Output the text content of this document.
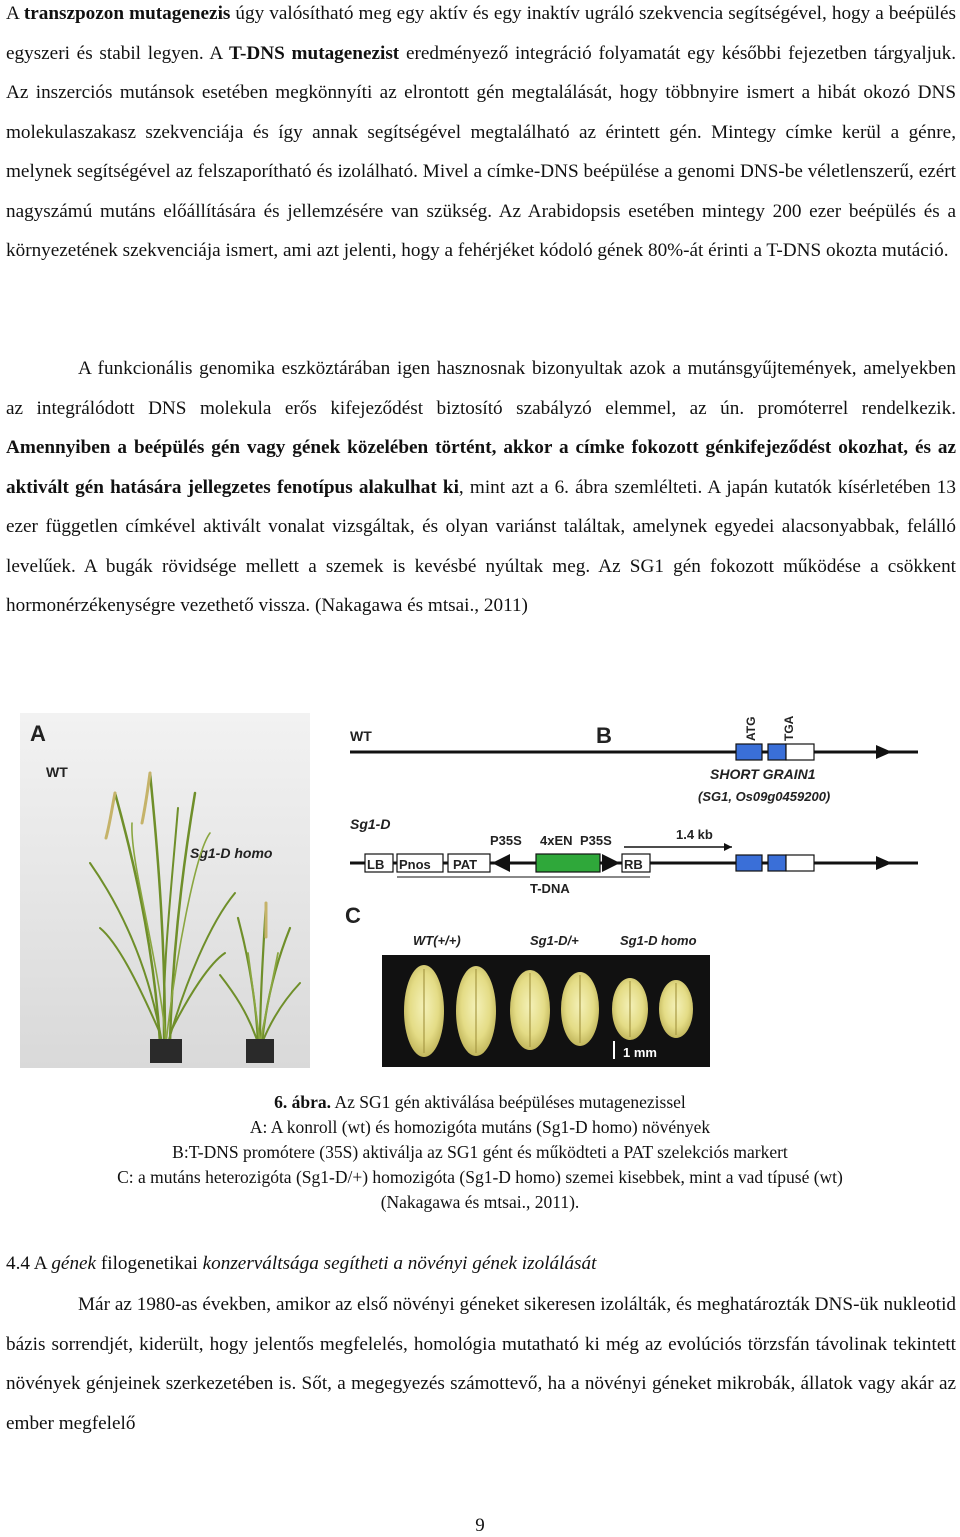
A transzpozon mutagenezis úgy valósítható meg egy aktív és egy inaktív ugráló szekvencia segítségével, hogy a beépülés egyszeri és stabil legyen. A T-DNS mutagenezist eredményező integráció folyamatát egy későbbi fejezetben tárgyaljuk. Az inszerciós mutánsok esetében megkönnyíti az elrontott gén megtalálását, hogy többnyire ismert a hibát okozó DNS molekulaszakasz szekvenciája és így annak segítségével megtalálható az érintett gén. Mintegy címke kerül a génre, melynek segítségével az felszaporítható és izolálható. Mivel a címke-DNS beépülése a genomi DNS-be véletlenszerű, ezért nagyszámú mutáns előállítására és jellemzésére van szükség. Az Arabidopsis esetében mintegy 200 ezer beépülés és a környezetének szekvenciája ismert, ami azt jelenti, hogy a fehérjéket kódoló gének 80%-át érinti a T-DNS okozta mutáció.

A funkcionális genomika eszköztárában igen hasznosnak bizonyultak azok a mutánsgyűjtemények, amelyekben az integrálódott DNS molekula erős kifejeződést biztosító szabályzó elemmel, az ún. promóterrel rendelkezik. Amennyiben a beépülés gén vagy gének közelében történt, akkor a címke fokozott génkifejeződést okozhat, és az aktivált gén hatására jellegzetes fenotípus alakulhat ki, mint azt a 6. ábra szemlélteti. A japán kutatók kísérletében 13 ezer független címkével aktivált vonalat vizsgáltak, és olyan variánst találtak, amelynek egyedei alacsonyabbak, felálló levelűek. A bugák rövidsége mellett a szemek is kevésbé nyúltak meg. Az SG1 gén fokozott működése a csökkent hormonérzékenységre vezethető vissza. (Nakagawa és mtsai., 2011)

A
WT
Sg1-D homo
WT	B	ATG TGA
SHORT GRAIN1
(SG1, Os09g0459200)
Sg1-D
LB Pnos PAT
P35S 4xEN P35S
RB
T-DNA
1.4 kb
C
WT(+/+)	Sg1-D/+	Sg1-D homo
1 mm
6. ábra. Az SG1 gén aktiválása beépüléses mutagenezissel
A: A konroll (wt) és homozigóta mutáns (Sg1-D homo) növények
B:T-DNS promótere (35S) aktiválja az SG1 gént és működteti a PAT szelekciós markert
C: a mutáns heterozigóta (Sg1-D/+) homozigóta (Sg1-D homo) szemei kisebbek, mint a vad típusé (wt)
(Nakagawa és mtsai., 2011).

4.4 A gének filogenetikai konzerváltsága segítheti a növényi gének izolálását

Már az 1980-as években, amikor az első növényi géneket sikeresen izolálták, és meghatározták DNS-ük nukleotid bázis sorrendjét, kiderült, hogy jelentős megfelelés, homológia mutatható ki még az evolúciós törzsfán távolinak tekintett növények génjeinek szerkezetében is. Sőt, a megegyezés számottevő, ha a növényi géneket mikrobák, állatok vagy akár az ember megfelelő

9
